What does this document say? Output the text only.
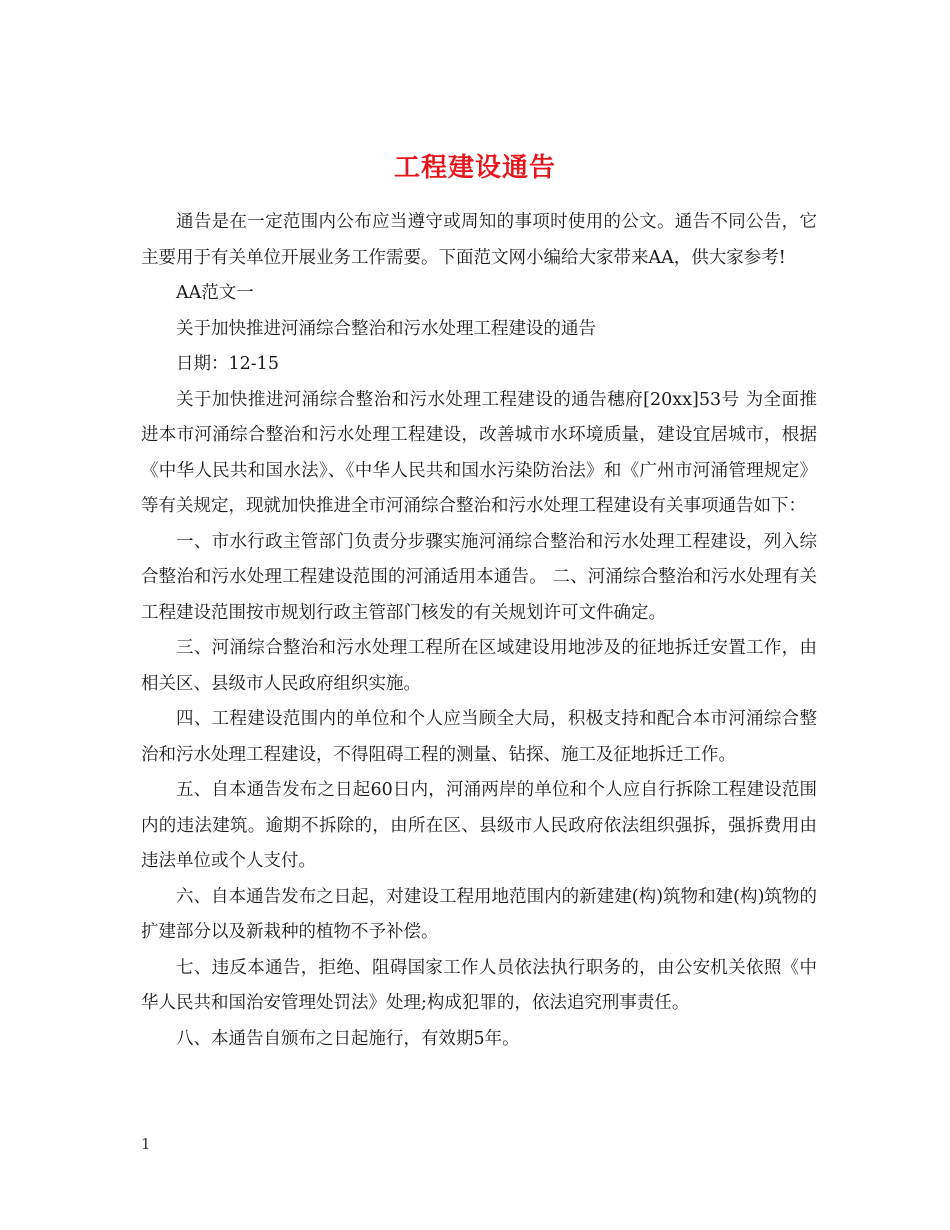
工程建设通告

通告是在一定范围内公布应当遵守或周知的事项时使用的公文。通告不同公告，它主要用于有关单位开展业务工作需要。下面范文网小编给大家带来AA，供大家参考!

AA范文一

关于加快推进河涌综合整治和污水处理工程建设的通告

日期：12-15

关于加快推进河涌综合整治和污水处理工程建设的通告穗府[20xx]53号 为全面推进本市河涌综合整治和污水处理工程建设，改善城市水环境质量，建设宜居城市，根据《中华人民共和国水法》、《中华人民共和国水污染防治法》和《广州市河涌管理规定》等有关规定，现就加快推进全市河涌综合整治和污水处理工程建设有关事项通告如下：

一、市水行政主管部门负责分步骤实施河涌综合整治和污水处理工程建设，列入综合整治和污水处理工程建设范围的河涌适用本通告。 二、河涌综合整治和污水处理有关工程建设范围按市规划行政主管部门核发的有关规划许可文件确定。

三、河涌综合整治和污水处理工程所在区域建设用地涉及的征地拆迁安置工作，由相关区、县级市人民政府组织实施。

四、工程建设范围内的单位和个人应当顾全大局，积极支持和配合本市河涌综合整治和污水处理工程建设，不得阻碍工程的测量、钻探、施工及征地拆迁工作。

五、自本通告发布之日起60日内，河涌两岸的单位和个人应自行拆除工程建设范围内的违法建筑。逾期不拆除的，由所在区、县级市人民政府依法组织强拆，强拆费用由违法单位或个人支付。

六、自本通告发布之日起，对建设工程用地范围内的新建建(构)筑物和建(构)筑物的扩建部分以及新栽种的植物不予补偿。

七、违反本通告，拒绝、阻碍国家工作人员依法执行职务的，由公安机关依照《中华人民共和国治安管理处罚法》处理;构成犯罪的，依法追究刑事责任。

八、本通告自颁布之日起施行，有效期5年。

1
